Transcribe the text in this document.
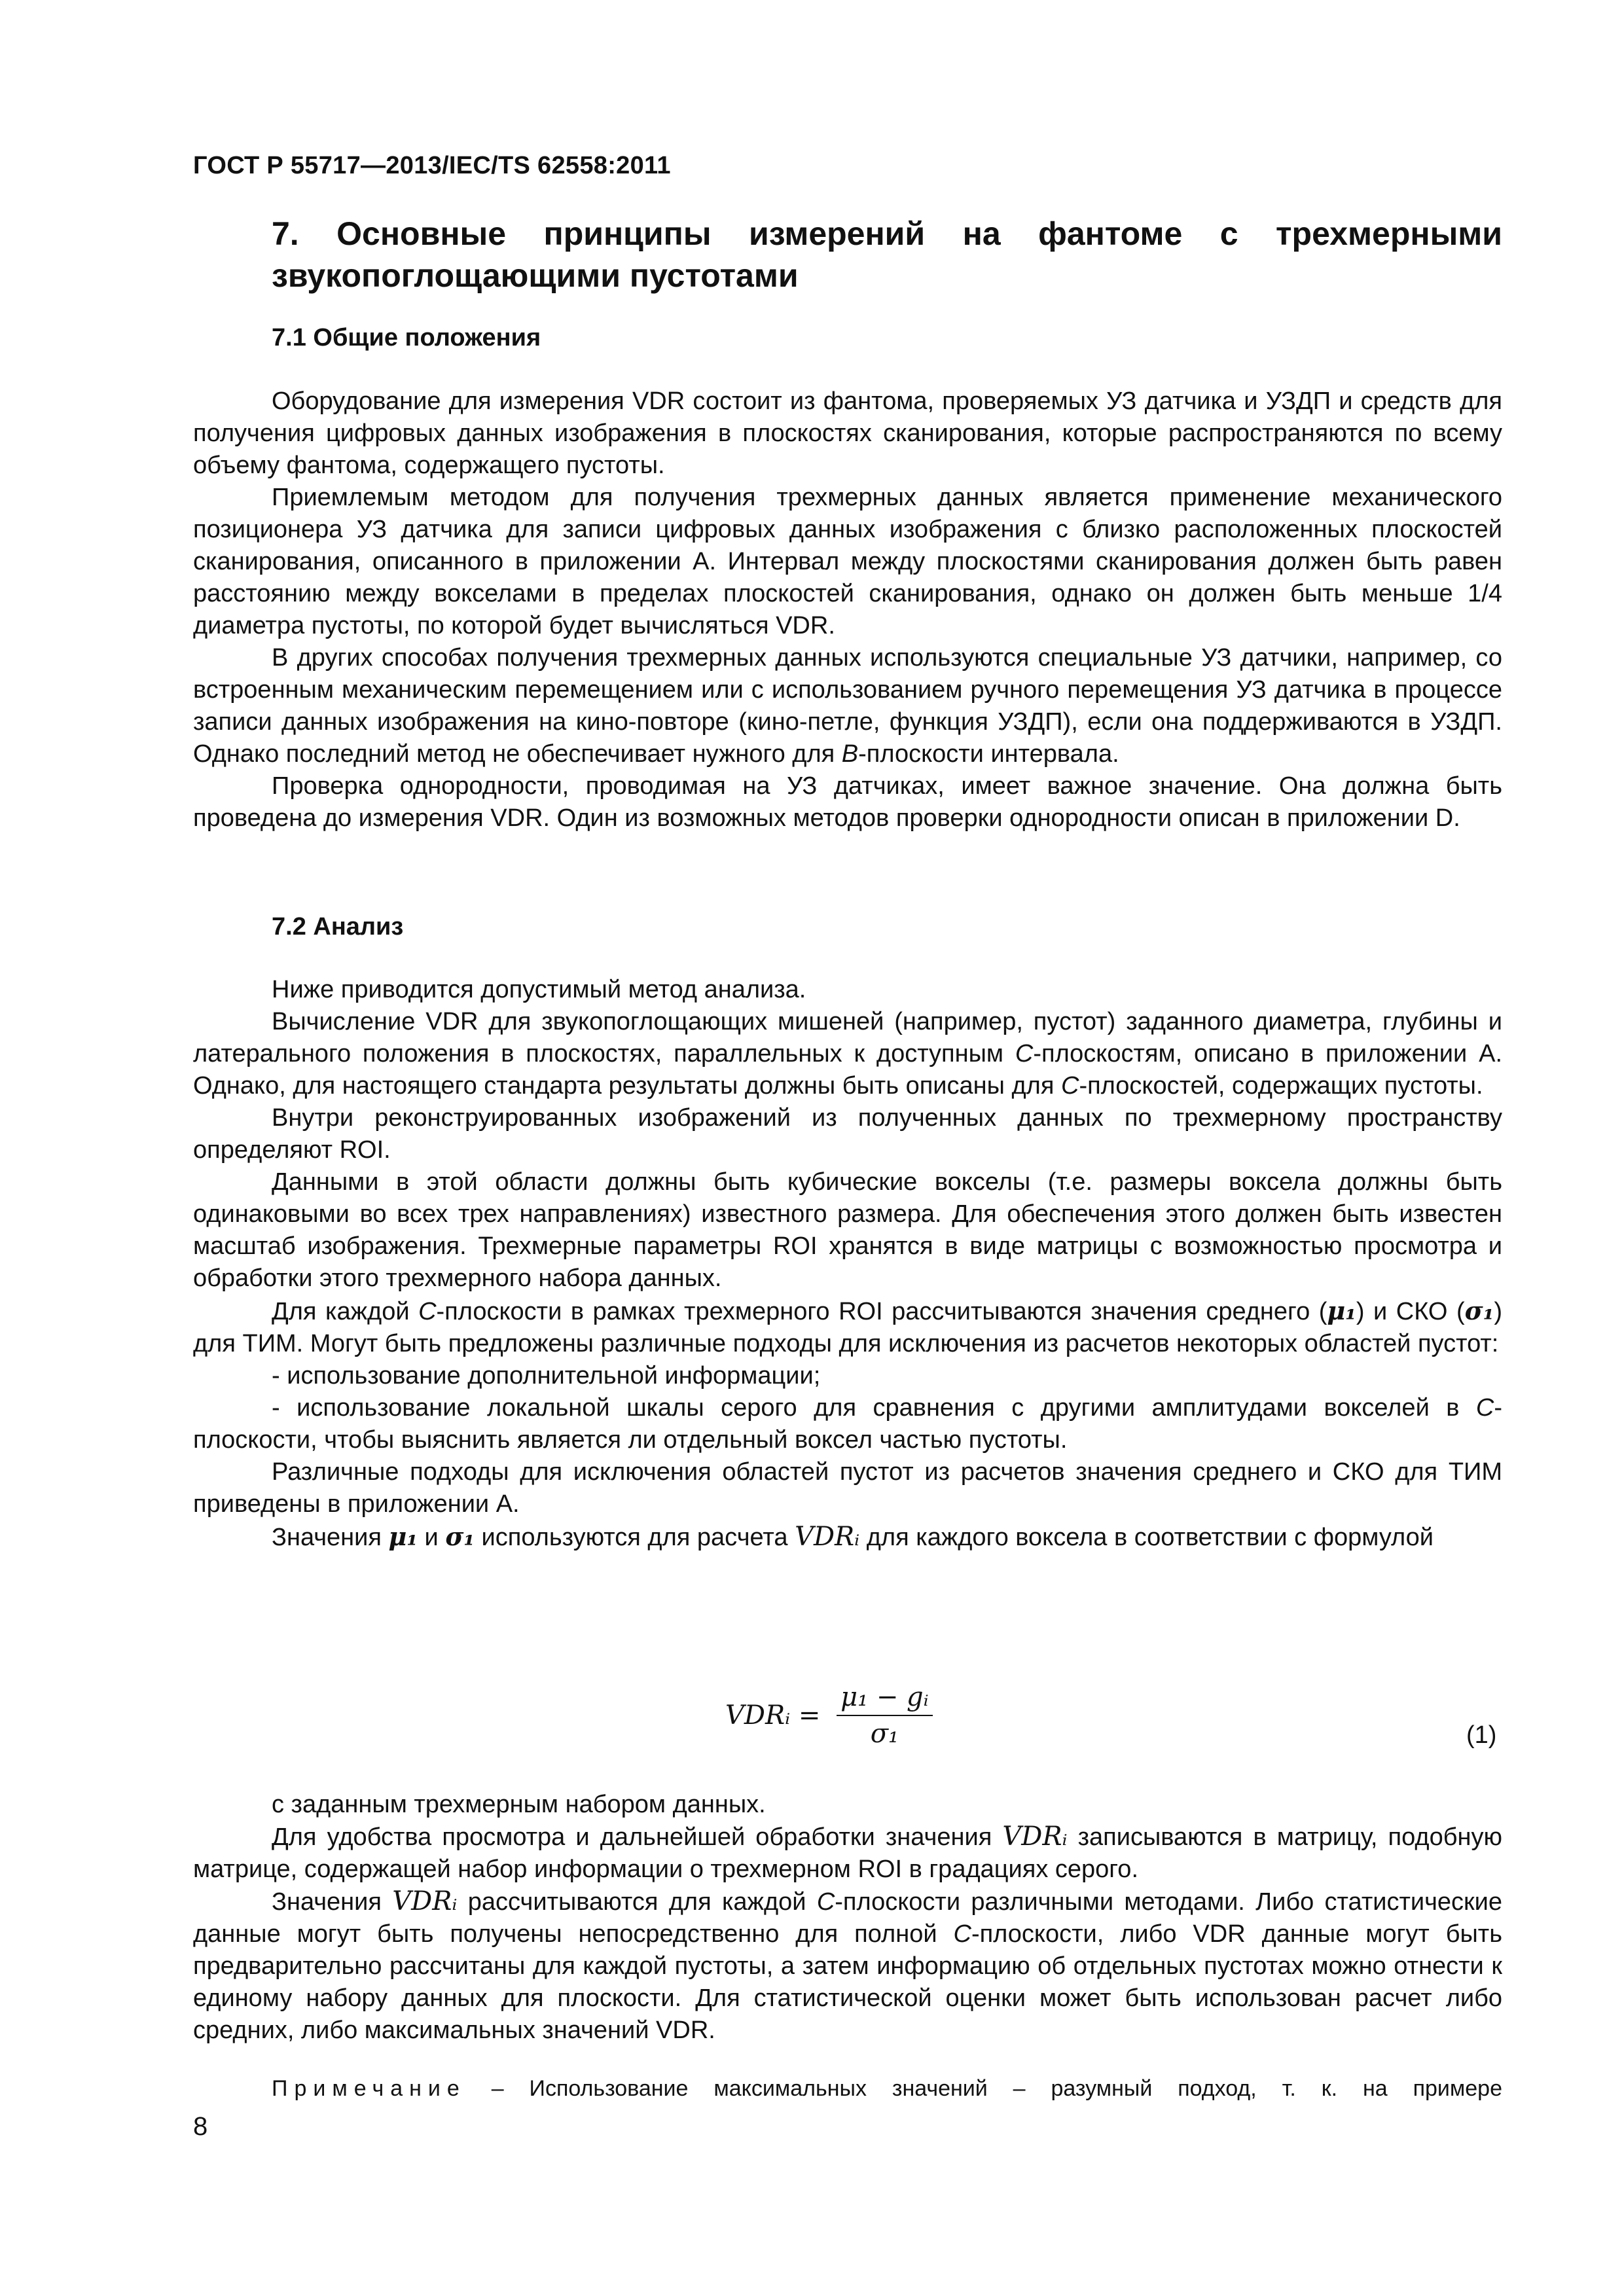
ГОСТ Р 55717—2013/IEC/TS 62558:2011
7. Основные принципы измерений на фантоме с трехмерными звукопоглощающими пустотами
7.1 Общие положения

Оборудование для измерения VDR состоит из фантома, проверяемых УЗ датчика и УЗДП и средств для получения цифровых данных изображения в плоскостях сканирования, которые распространяются по всему объему фантома, содержащего пустоты.

Приемлемым методом для получения трехмерных данных является применение механического позиционера УЗ датчика для записи цифровых данных изображения с близко расположенных плоскостей сканирования, описанного в приложении А. Интервал между плоскостями сканирования должен быть равен расстоянию между вокселами в пределах плоскостей сканирования, однако он должен быть меньше 1/4 диаметра пустоты, по которой будет вычисляться VDR.

В других способах получения трехмерных данных используются специальные УЗ датчики, например, со встроенным механическим перемещением или с использованием ручного перемещения УЗ датчика в процессе записи данных изображения на кино-повторе (кино-петле, функция УЗДП), если она поддерживаются в УЗДП. Однако последний метод не обеспечивает нужного для B-плоскости интервала.

Проверка однородности, проводимая на УЗ датчиках, имеет важное значение. Она должна быть проведена до измерения VDR. Один из возможных методов проверки однородности описан в приложении D.

7.2 Анализ

Ниже приводится допустимый метод анализа.

Вычисление VDR для звукопоглощающих мишеней (например, пустот) заданного диаметра, глубины и латерального положения в плоскостях, параллельных к доступным C-плоскостям, описано в приложении А. Однако, для настоящего стандарта результаты должны быть описаны для C-плоскостей, содержащих пустоты.

Внутри реконструированных изображений из полученных данных по трехмерному пространству определяют ROI.

Данными в этой области должны быть кубические вокселы (т.е. размеры воксела должны быть одинаковыми во всех трех направлениях) известного размера. Для обеспечения этого должен быть известен масштаб изображения. Трехмерные параметры ROI хранятся в виде матрицы с возможностью просмотра и обработки этого трехмерного набора данных.

Для каждой C-плоскости в рамках трехмерного ROI рассчитываются значения среднего (μ₁) и СКО (σ₁) для ТИМ. Могут быть предложены различные подходы для исключения из расчетов некоторых областей пустот:

- использование дополнительной информации;

- использование локальной шкалы серого для сравнения с другими амплитудами вокселей в C-плоскости, чтобы выяснить является ли отдельный воксел частью пустоты.

Различные подходы для исключения областей пустот из расчетов значения среднего и СКО для ТИМ приведены в приложении А.

Значения μ₁ и σ₁ используются для расчета VDRᵢ для каждого воксела в соответствии с формулой

VDRᵢ = $\frac{\text{μ₁ − gᵢ}}{\text{σ₁}}$	(1)

с заданным трехмерным набором данных.

Для удобства просмотра и дальнейшей обработки значения VDRᵢ записываются в матрицу, подобную матрице, содержащей набор информации о трехмерном ROI в градациях серого.

Значения VDRᵢ рассчитываются для каждой C-плоскости различными методами. Либо статистические данные могут быть получены непосредственно для полной C-плоскости, либо VDR данные могут быть предварительно рассчитаны для каждой пустоты, а затем информацию об отдельных пустотах можно отнести к единому набору данных для плоскости. Для статистической оценки может быть использован расчет либо средних, либо максимальных значений VDR.

Примечание – Использование максимальных значений – разумный подход, т. к. на примере
8
